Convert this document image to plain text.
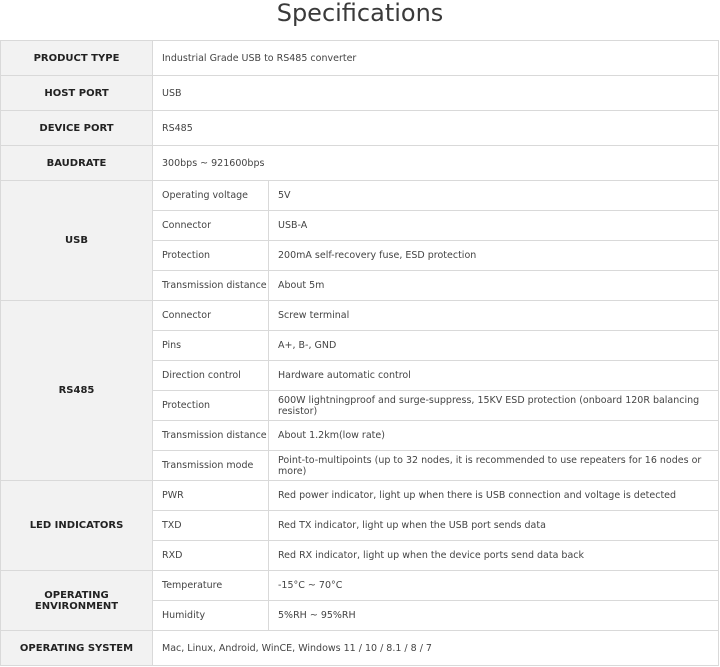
Specifications
PRODUCT TYPE	Industrial Grade USB to RS485 converter	
HOST PORT	USB	
DEVICE PORT	RS485	
BAUDRATE	300bps ~ 921600bps	
USB	Operating voltage	5V
	Connector	USB-A
	Protection	200mA self-recovery fuse, ESD protection
	Transmission distance	About 5m
RS485	Connector	Screw terminal
	Pins	A+, B-, GND
	Direction control	Hardware automatic control
	Protection	600W lightningproof and surge-suppress, 15KV ESD protection (onboard 120R balancing resistor)
	Transmission distance	About 1.2km(low rate)
	Transmission mode	Point-to-multipoints (up to 32 nodes, it is recommended to use repeaters for 16 nodes or more)
LED INDICATORS	PWR	Red power indicator, light up when there is USB connection and voltage is detected
	TXD	Red TX indicator, light up when the USB port sends data
	RXD	Red RX indicator, light up when the device ports send data back
OPERATING ENVIRONMENT	Temperature	-15°C ~ 70°C
	Humidity	5%RH ~ 95%RH
OPERATING SYSTEM	Mac, Linux, Android, WinCE, Windows 11 / 10 / 8.1 / 8 / 7	
